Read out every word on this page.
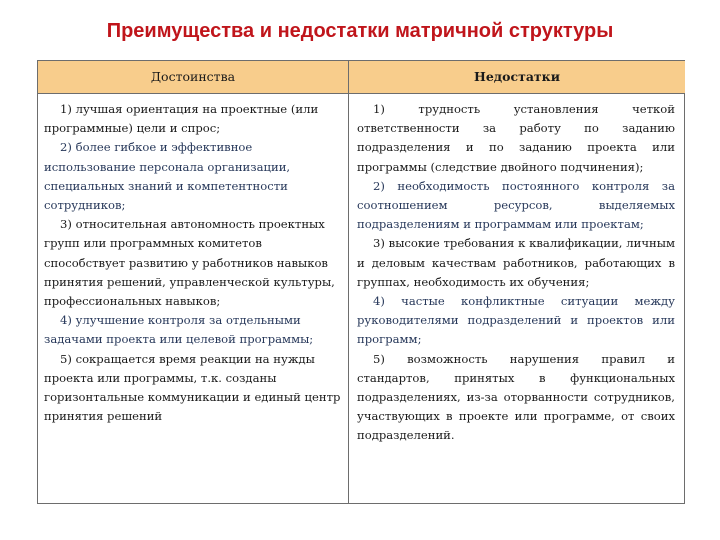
Преимущества и недостатки матричной структуры
Достоинства	Недостатки

1) лучшая ориентация на проектные (или программные) цели и спрос;

2) более гибкое и эффективное использование персонала организации, специальных знаний и компетентности сотрудников;

3) относительная автономность проектных групп или программных комитетов способствует развитию у работников навыков принятия решений, управленческой культуры, профессиональных навыков;

4) улучшение контроля за отдельными задачами проекта или целевой программы;

5) сокращается время реакции на нужды проекта или программы, т.к. созданы горизонтальные коммуникации и единый центр принятия решений

1) трудность установления четкой ответственности за работу по заданию подразделения и по заданию проекта или программы (следствие двойного подчинения);

2) необходимость постоянного контроля за соотношением ресурсов, выделяемых подразделениям и программам или проектам;

3) высокие требования к квалификации, личным и деловым качествам работников, работающих в группах, необходимость их обучения;

4) частые конфликтные ситуации между руководителями подразделений и проектов или программ;

5) возможность нарушения правил и стандартов, принятых в функциональных подразделениях, из-за оторванности сотрудников, участвующих в проекте или программе, от своих подразделений.
